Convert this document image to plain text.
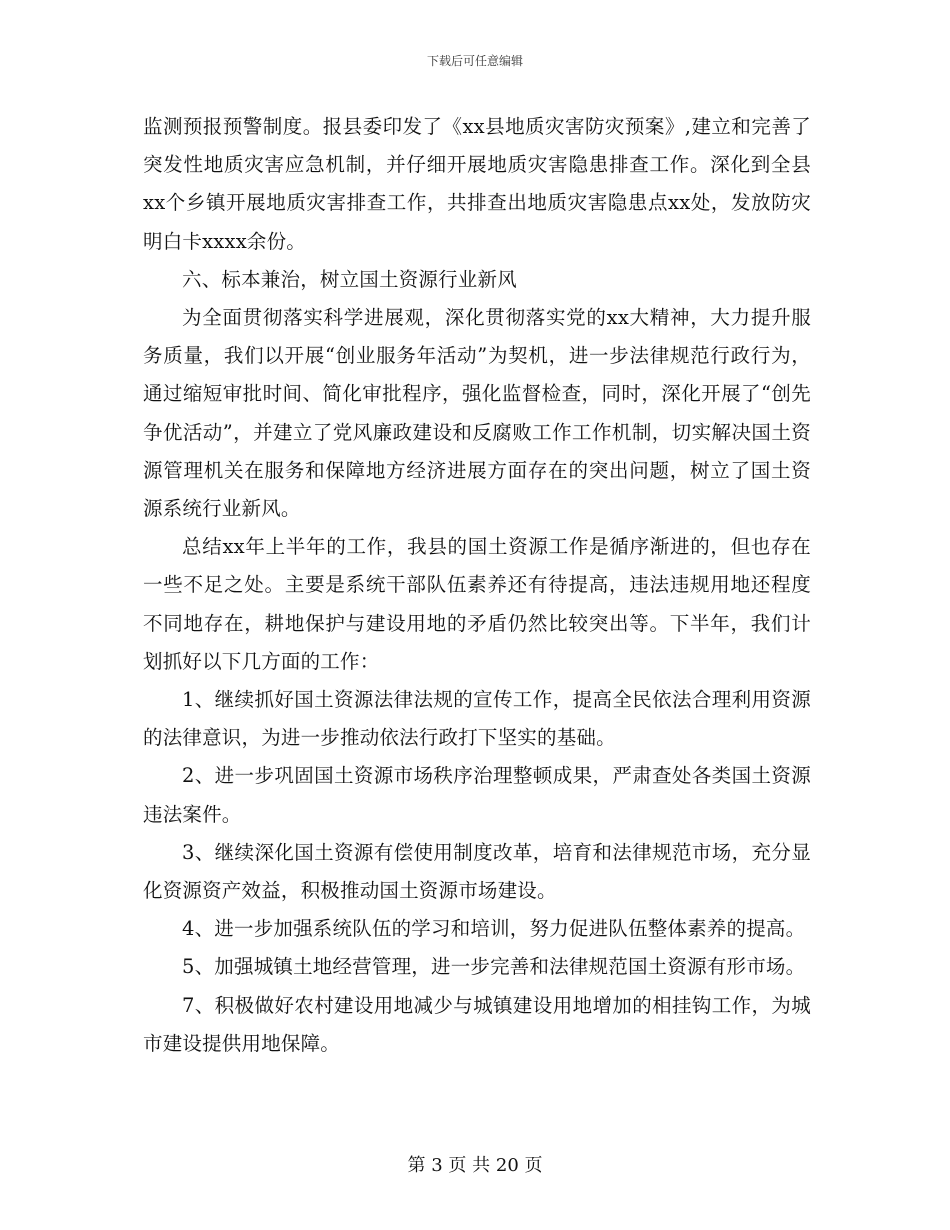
下载后可任意编辑

监测预报预警制度。报县委印发了《xx县地质灾害防灾预案》,建立和完善了突发性地质灾害应急机制，并仔细开展地质灾害隐患排查工作。深化到全县xx个乡镇开展地质灾害排查工作，共排查出地质灾害隐患点xx处，发放防灾明白卡xxxx余份。

六、标本兼治，树立国土资源行业新风

为全面贯彻落实科学进展观，深化贯彻落实党的xx大精神，大力提升服务质量，我们以开展“创业服务年活动”为契机，进一步法律规范行政行为，通过缩短审批时间、简化审批程序，强化监督检查，同时，深化开展了“创先争优活动”，并建立了党风廉政建设和反腐败工作工作机制，切实解决国土资源管理机关在服务和保障地方经济进展方面存在的突出问题，树立了国土资源系统行业新风。

总结xx年上半年的工作，我县的国土资源工作是循序渐进的，但也存在一些不足之处。主要是系统干部队伍素养还有待提高，违法违规用地还程度不同地存在，耕地保护与建设用地的矛盾仍然比较突出等。下半年，我们计划抓好以下几方面的工作：

1、继续抓好国土资源法律法规的宣传工作，提高全民依法合理利用资源的法律意识，为进一步推动依法行政打下坚实的基础。

2、进一步巩固国土资源市场秩序治理整顿成果，严肃查处各类国土资源违法案件。

3、继续深化国土资源有偿使用制度改革，培育和法律规范市场，充分显化资源资产效益，积极推动国土资源市场建设。

4、进一步加强系统队伍的学习和培训，努力促进队伍整体素养的提高。

5、加强城镇土地经营管理，进一步完善和法律规范国土资源有形市场。

7、积极做好农村建设用地减少与城镇建设用地增加的相挂钩工作，为城市建设提供用地保障。

第 3 页 共 20 页
